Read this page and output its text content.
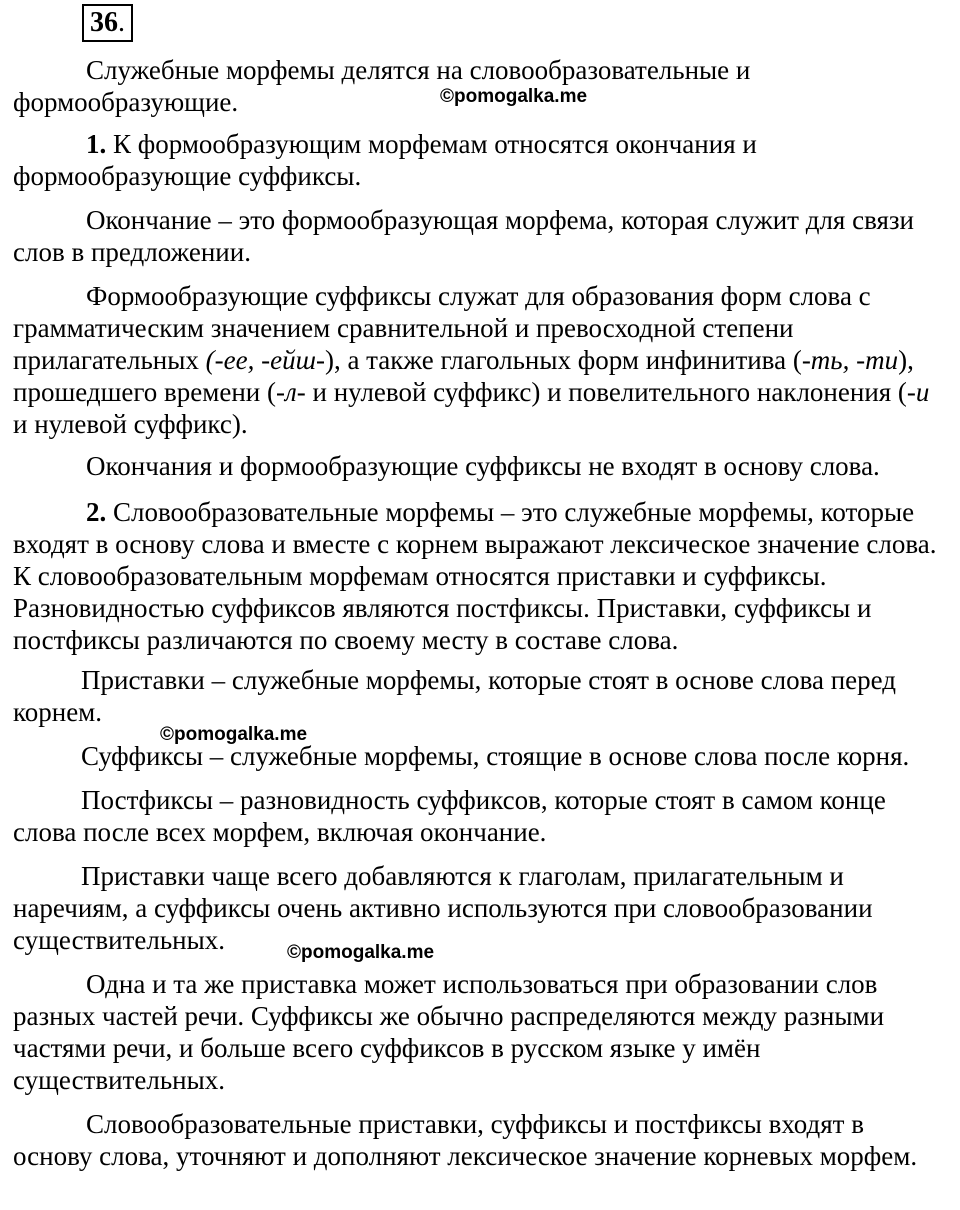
36.

Служебные морфемы делятся на словообразовательные и формообразующие.	©pomogalka.me

1. К формообразующим морфемам относятся окончания и формообразующие суффиксы.

Окончание – это формообразующая морфема, которая служит для связи слов в предложении.

Формообразующие суффиксы служат для образования форм слова с грамматическим значением сравнительной и превосходной степени прилагательных (-ее, -ейш-), а также глагольных форм инфинитива (-ть, -ти), прошедшего времени (-л- и нулевой суффикс) и повелительного наклонения (-и и нулевой суффикс).

Окончания и формообразующие суффиксы не входят в основу слова.

2. Словообразовательные морфемы – это служебные морфемы, которые входят в основу слова и вместе с корнем выражают лексическое значение слова. К словообразовательным морфемам относятся приставки и суффиксы. Разновидностью суффиксов являются постфиксы. Приставки, суффиксы и постфиксы различаются по своему месту в составе слова.

Приставки – служебные морфемы, которые стоят в основе слова перед корнем.

©pomogalka.me

Суффиксы – служебные морфемы, стоящие в основе слова после корня.

Постфиксы – разновидность суффиксов, которые стоят в самом конце слова после всех морфем, включая окончание.

Приставки чаще всего добавляются к глаголам, прилагательным и наречиям, а суффиксы очень активно используются при словообразовании существительных.	©pomogalka.me

Одна и та же приставка может использоваться при образовании слов разных частей речи. Суффиксы же обычно распределяются между разными частями речи, и больше всего суффиксов в русском языке у имён существительных.

Словообразовательные приставки, суффиксы и постфиксы входят в основу слова, уточняют и дополняют лексическое значение корневых морфем.
